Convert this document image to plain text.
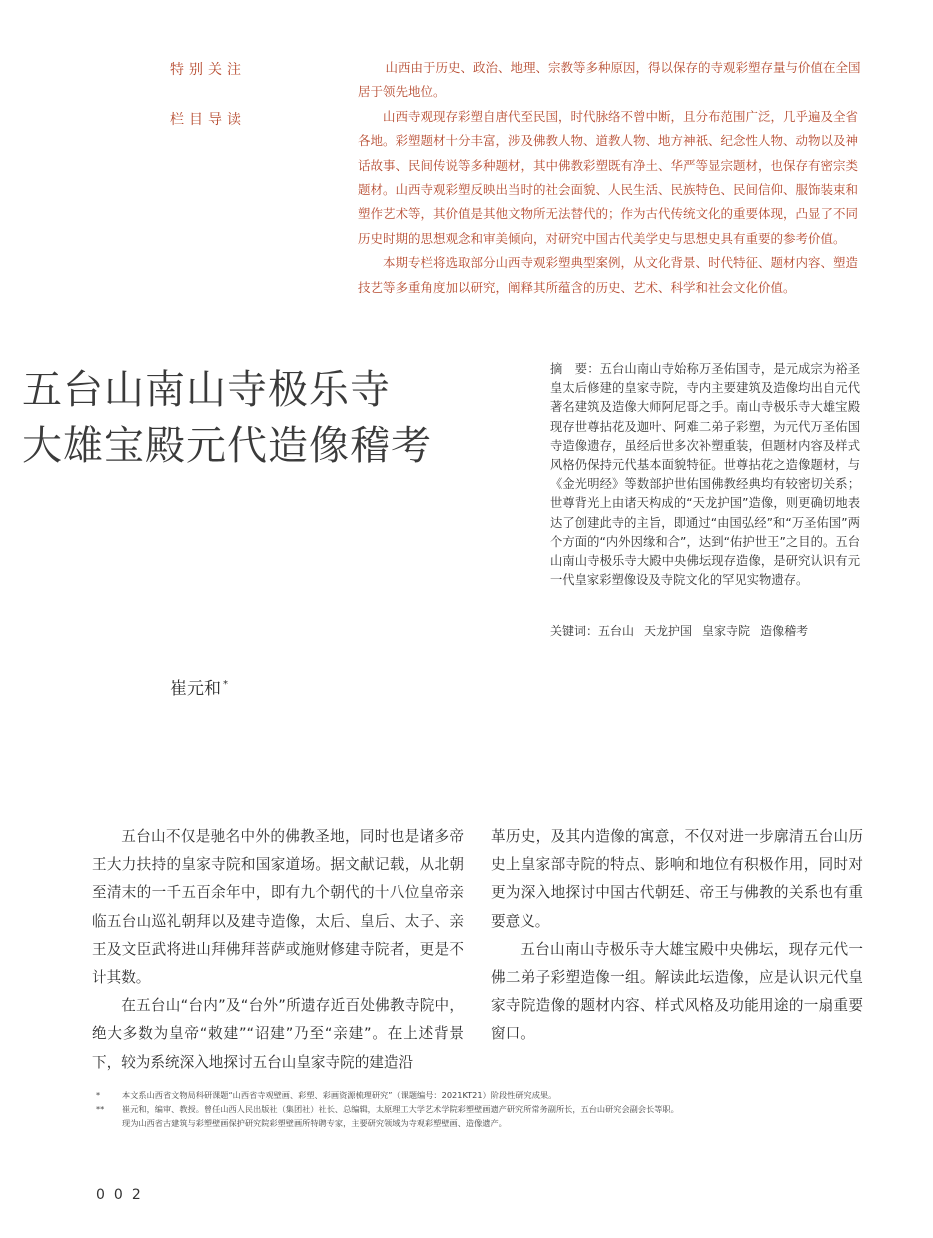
特别关注
栏目导读

山西由于历史、政治、地理、宗教等多种原因，得以保存的寺观彩塑存量与价值在全国居于领先地位。

山西寺观现存彩塑自唐代至民国，时代脉络不曾中断，且分布范围广泛，几乎遍及全省各地。彩塑题材十分丰富，涉及佛教人物、道教人物、地方神祇、纪念性人物、动物以及神话故事、民间传说等多种题材，其中佛教彩塑既有净土、华严等显宗题材，也保存有密宗类题材。山西寺观彩塑反映出当时的社会面貌、人民生活、民族特色、民间信仰、服饰装束和塑作艺术等，其价值是其他文物所无法替代的；作为古代传统文化的重要体现，凸显了不同历史时期的思想观念和审美倾向，对研究中国古代美学史与思想史具有重要的参考价值。

本期专栏将选取部分山西寺观彩塑典型案例，从文化背景、时代特征、题材内容、塑造技艺等多重角度加以研究，阐释其所蕴含的历史、艺术、科学和社会文化价值。

五台山南山寺极乐寺
大雄宝殿元代造像稽考
摘　要：五台山南山寺始称万圣佑国寺，是元成宗为裕圣皇太后修建的皇家寺院，寺内主要建筑及造像均出自元代著名建筑及造像大师阿尼哥之手。南山寺极乐寺大雄宝殿现存世尊拈花及迦叶、阿难二弟子彩塑，为元代万圣佑国寺造像遗存，虽经后世多次补塑重装，但题材内容及样式风格仍保持元代基本面貌特征。世尊拈花之造像题材，与《金光明经》等数部护世佑国佛教经典均有较密切关系；世尊背光上由诸天构成的“天龙护国”造像，则更确切地表达了创建此寺的主旨，即通过“由国弘经”和“万圣佑国”两个方面的“内外因缘和合”，达到“佑护世王”之目的。五台山南山寺极乐寺大殿中央佛坛现存造像，是研究认识有元一代皇家彩塑像设及寺院文化的罕见实物遗存。
关键词：五台山 天龙护国 皇家寺院 造像稽考
崔元和 *

五台山不仅是驰名中外的佛教圣地，同时也是诸多帝王大力扶持的皇家寺院和国家道场。据文献记载，从北朝至清末的一千五百余年中，即有九个朝代的十八位皇帝亲临五台山巡礼朝拜以及建寺造像，太后、皇后、太子、亲王及文臣武将进山拜佛拜菩萨或施财修建寺院者，更是不计其数。

在五台山“台内”及“台外”所遗存近百处佛教寺院中，绝大多数为皇帝“敕建”“诏建”乃至“亲建”。在上述背景下，较为系统深入地探讨五台山皇家寺院的建造沿

革历史，及其内造像的寓意，不仅对进一步廓清五台山历史上皇家部寺院的特点、影响和地位有积极作用，同时对更为深入地探讨中国古代朝廷、帝王与佛教的关系也有重要意义。

五台山南山寺极乐寺大雄宝殿中央佛坛，现存元代一佛二弟子彩塑造像一组。解读此坛造像，应是认识元代皇家寺院造像的题材内容、样式风格及功能用途的一扇重要窗口。

*	本文系山西省文物局科研课题“山西省寺观壁画、彩塑、彩画资源梳理研究”（课题编号：2021KT21）阶段性研究成果。
** 崔元和，编审、教授。曾任山西人民出版社（集团社）社长、总编辑，太原理工大学艺术学院彩塑壁画遗产研究所常务副所长，五台山研究会副会长等职。
现为山西省古建筑与彩塑壁画保护研究院彩塑壁画所特聘专家，主要研究领域为寺观彩塑壁画、造像遗产。
002
